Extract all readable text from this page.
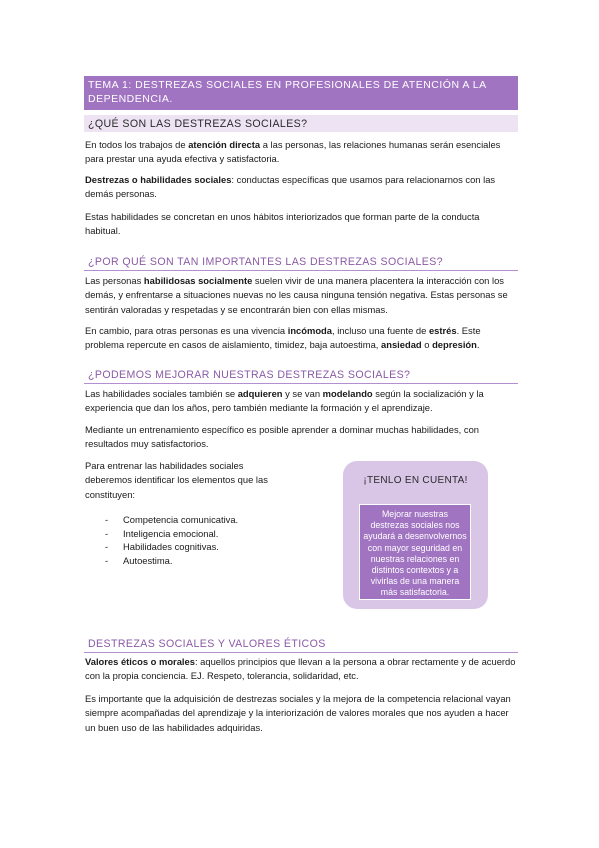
TEMA 1: DESTREZAS SOCIALES EN PROFESIONALES DE ATENCIÓN A LA DEPENDENCIA.
¿QUÉ SON LAS DESTREZAS SOCIALES?

En todos los trabajos de atención directa a las personas, las relaciones humanas serán esenciales para prestar una ayuda efectiva y satisfactoria.

Destrezas o habilidades sociales: conductas específicas que usamos para relacionarnos con las demás personas.

Estas habilidades se concretan en unos hábitos interiorizados que forman parte de la conducta habitual.

¿POR QUÉ SON TAN IMPORTANTES LAS DESTREZAS SOCIALES?

Las personas habilidosas socialmente suelen vivir de una manera placentera la interacción con los demás, y enfrentarse a situaciones nuevas no les causa ninguna tensión negativa. Estas personas se sentirán valoradas y respetadas y se encontrarán bien con ellas mismas.

En cambio, para otras personas es una vivencia incómoda, incluso una fuente de estrés. Este problema repercute en casos de aislamiento, timidez, baja autoestima, ansiedad o depresión.

¿PODEMOS MEJORAR NUESTRAS DESTREZAS SOCIALES?

Las habilidades sociales también se adquieren y se van modelando según la socialización y la experiencia que dan los años, pero también mediante la formación y el aprendizaje.

Mediante un entrenamiento específico es posible aprender a dominar muchas habilidades, con resultados muy satisfactorios.

Para entrenar las habilidades sociales deberemos identificar los elementos que las constituyen:

- Competencia comunicativa.
- Inteligencia emocional.
- Habilidades cognitivas.
- Autoestima.
¡TENLO EN CUENTA!
Mejorar nuestras destrezas sociales nos ayudará a desenvolvernos con mayor seguridad en nuestras relaciones en distintos contextos y a vivirlas de una manera más satisfactoria.
DESTREZAS SOCIALES Y VALORES ÉTICOS

Valores éticos o morales: aquellos principios que llevan a la persona a obrar rectamente y de acuerdo con la propia conciencia. EJ. Respeto, tolerancia, solidaridad, etc.

Es importante que la adquisición de destrezas sociales y la mejora de la competencia relacional vayan siempre acompañadas del aprendizaje y la interiorización de valores morales que nos ayuden a hacer un buen uso de las habilidades adquiridas.
